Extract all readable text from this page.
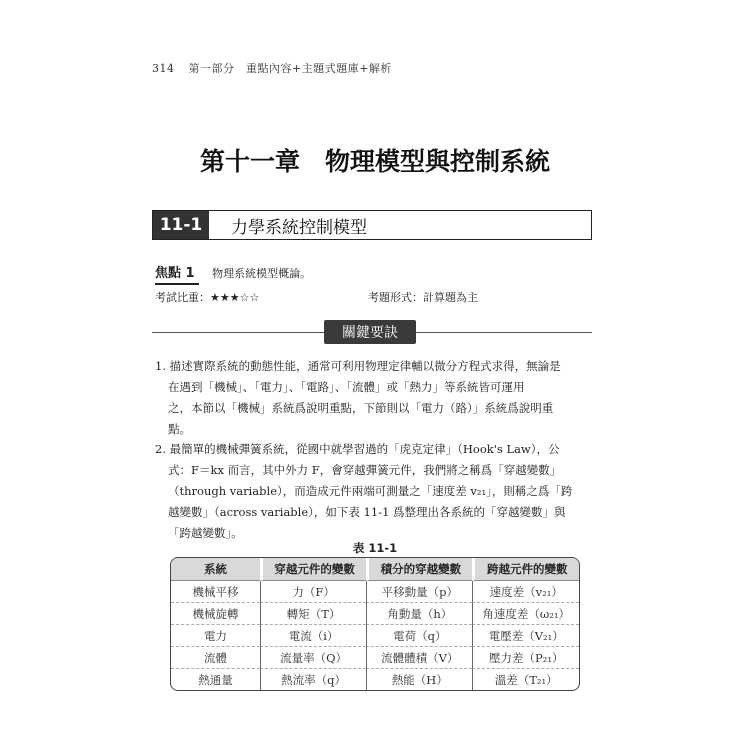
314 第一部分　重點內容+主題式題庫+解析
第十一章　物理模型與控制系統
11-1	力學系統控制模型
焦點 1 物理系統模型概論。
考試比重：★★★☆☆	考題形式：計算題為主
關鍵要訣
1. 描述實際系統的動態性能，通常可利用物理定律輔以微分方程式求得，無論是
在遇到「機械」、「電力」、「電路」、「流體」或「熱力」等系統皆可運用
之，本節以「機械」系統爲說明重點，下節則以「電力（路）」系統爲說明重
點。
2. 最簡單的機械彈簧系統，從國中就學習過的「虎克定律」（Hook's Law），公
式：F＝kx 而言，其中外力 F，會穿越彈簧元件，我們將之稱爲「穿越變數」
（through variable），而造成元件兩端可測量之「速度差 v₂₁」，則稱之爲「跨
越變數」（across variable），如下表 11-1 爲整理出各系統的「穿越變數」與
「跨越變數」。
表 11-1
系統	穿越元件的變數	積分的穿越變數	跨越元件的變數
機械平移	力（F）	平移動量（p）	速度差（v₂₁）
機械旋轉	轉矩（T）	角動量（h）	角速度差（ω₂₁）
電力	電流（i）	電荷（q）	電壓差（V₂₁）
流體	流量率（Q）	流體體積（V）	壓力差（P₂₁）
熱通量	熱流率（q）	熱能（H）	溫差（T₂₁）
